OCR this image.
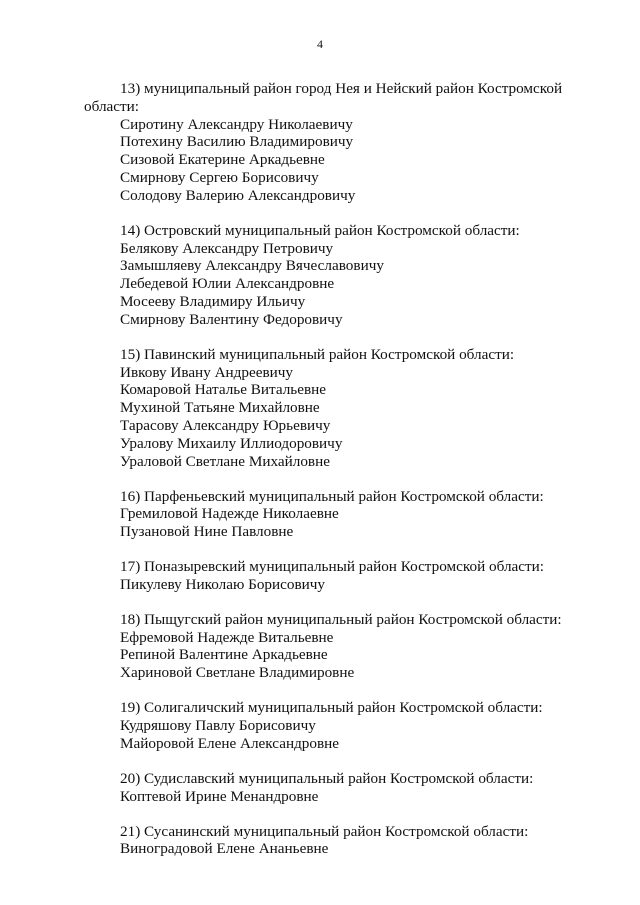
4
13) муниципальный район город Нея и Нейский район Костромской области:
Сиротину Александру Николаевичу
Потехину Василию Владимировичу
Сизовой Екатерине Аркадьевне
Смирнову Сергею Борисовичу
Солодову Валерию Александровичу
14) Островский муниципальный район Костромской области:
Белякову Александру Петровичу
Замышляеву Александру Вячеславовичу
Лебедевой Юлии Александровне
Мосееву Владимиру Ильичу
Смирнову Валентину Федоровичу
15) Павинский муниципальный район Костромской области:
Ивкову Ивану Андреевичу
Комаровой Наталье Витальевне
Мухиной Татьяне Михайловне
Тарасову Александру Юрьевичу
Уралову Михаилу Иллиодоровичу
Ураловой Светлане Михайловне
16) Парфеньевский муниципальный район Костромской области:
Гремиловой Надежде Николаевне
Пузановой Нине Павловне
17) Поназыревский муниципальный район Костромской области:
Пикулеву Николаю Борисовичу
18) Пыщугский район муниципальный район Костромской области:
Ефремовой Надежде Витальевне
Репиной Валентине Аркадьевне
Хариновой Светлане Владимировне
19) Солигаличский муниципальный район Костромской области:
Кудряшову Павлу Борисовичу
Майоровой Елене Александровне
20) Судиславский муниципальный район Костромской области:
Коптевой Ирине Менандровне
21) Сусанинский муниципальный район Костромской области:
Виноградовой Елене Ананьевне
